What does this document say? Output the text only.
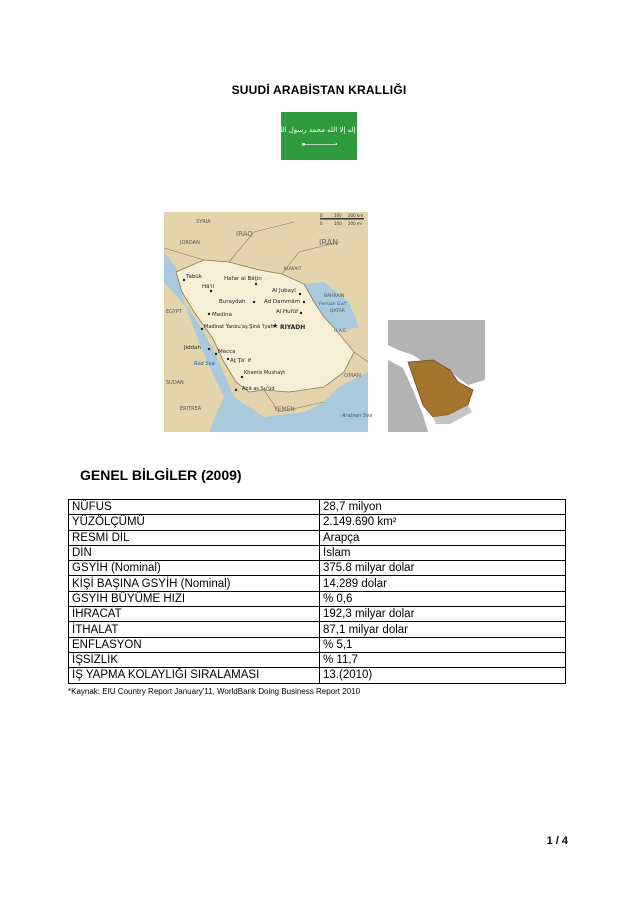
SUUDİ ARABİSTAN KRALLIĞI
لا إله إلا الله محمد رسول الله
SYRIA
IRAQ
IRAN
JORDAN
EGYPT
SUDAN
ERITREA	YEMEN
OMAN
KUWAIT
BAHRAIN
QATAR
U.A.E.
Red Sea
Persian Gulf
Arabian Sea
Tabūk	Hafar al Bāţin
Hā'il
Al Jubayl
Ad Dammām
Buraydah
Al Hufūf
Medina
RIYADH
★
Madīnat Yanbu'aş Şinā 'īyah
Jiddah
Mecca
Aţ Ţā' if
Khamis Mushayt
Abā as Su'ūd
0	100 200 km
0	100 200 mi
GENEL BİLGİLER (2009)
NÜFUS	28,7 milyon
YÜZÖLÇÜMÜ	2.149.690 km²
RESMİ DİL	Arapça
DİN	İslam
GSYİH (Nominal)	375.8 milyar dolar
KİŞİ BAŞINA GSYİH (Nominal)	14.289 dolar
GSYİH BÜYÜME HIZI	% 0,6
İHRACAT	192,3 milyar dolar
İTHALAT	87,1 milyar dolar
ENFLASYON	% 5,1
İŞSİZLİK	% 11,7
İŞ YAPMA KOLAYLIĞI SIRALAMASI	13.(2010)
*Kaynak: EIU Country Report January'11, WorldBank Doing Business Report 2010
1 / 4
